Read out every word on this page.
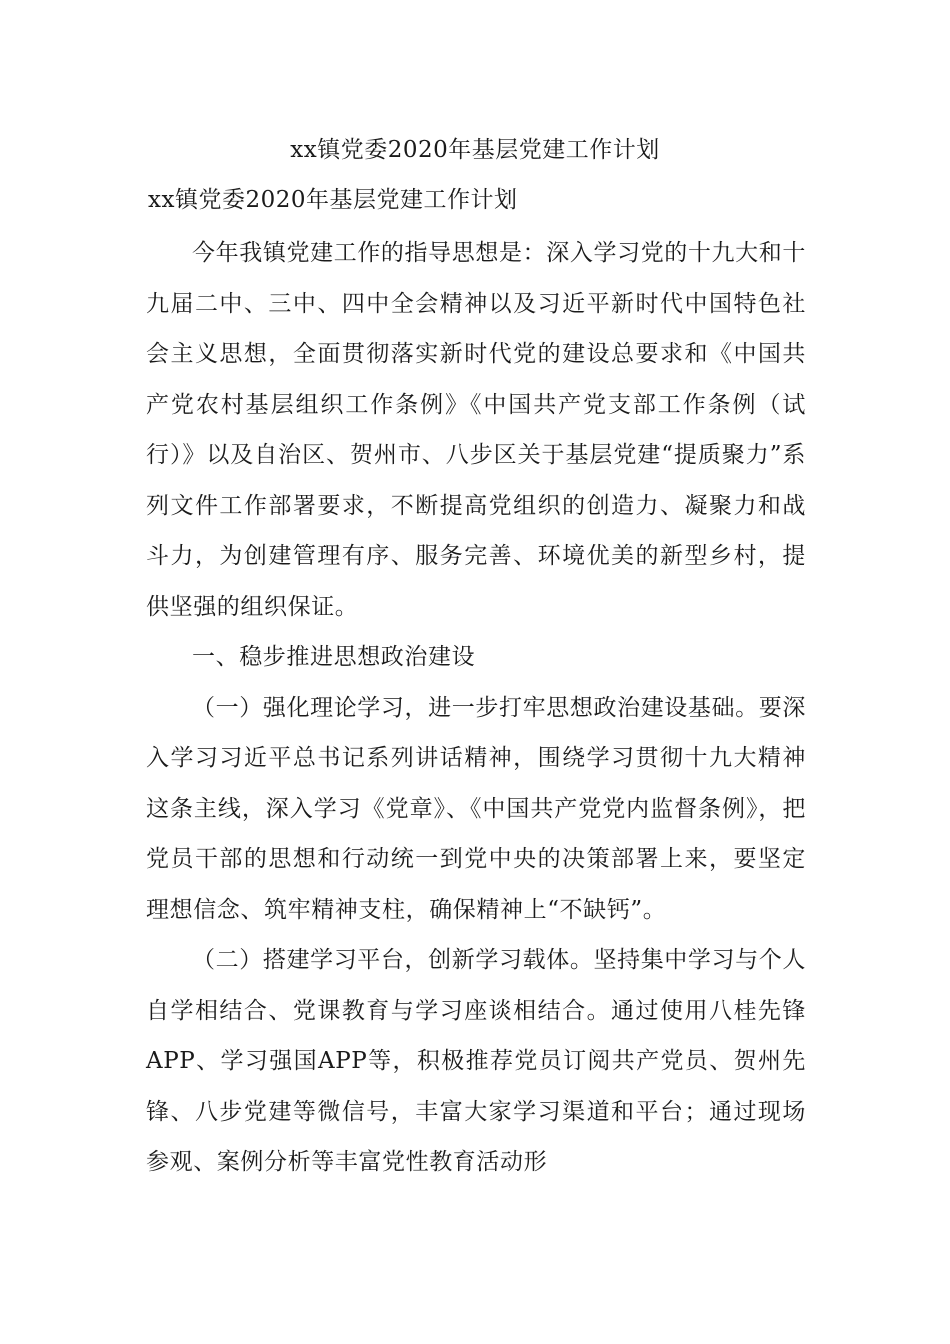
xx镇党委2020年基层党建工作计划
xx镇党委2020年基层党建工作计划

今年我镇党建工作的指导思想是：深入学习党的十九大和十九届二中、三中、四中全会精神以及习近平新时代中国特色社会主义思想，全面贯彻落实新时代党的建设总要求和《中国共产党农村基层组织工作条例》《中国共产党支部工作条例（试行）》以及自治区、贺州市、八步区关于基层党建“提质聚力”系列文件工作部署要求，不断提高党组织的创造力、凝聚力和战斗力，为创建管理有序、服务完善、环境优美的新型乡村，提供坚强的组织保证。

一、稳步推进思想政治建设

（一）强化理论学习，进一步打牢思想政治建设基础。要深入学习习近平总书记系列讲话精神，围绕学习贯彻十九大精神这条主线，深入学习《党章》、《中国共产党党内监督条例》，把党员干部的思想和行动统一到党中央的决策部署上来，要坚定理想信念、筑牢精神支柱，确保精神上“不缺钙”。

（二）搭建学习平台，创新学习载体。坚持集中学习与个人自学相结合、党课教育与学习座谈相结合。通过使用八桂先锋APP、学习强国APP等，积极推荐党员订阅共产党员、贺州先锋、八步党建等微信号，丰富大家学习渠道和平台；通过现场参观、案例分析等丰富党性教育活动形
